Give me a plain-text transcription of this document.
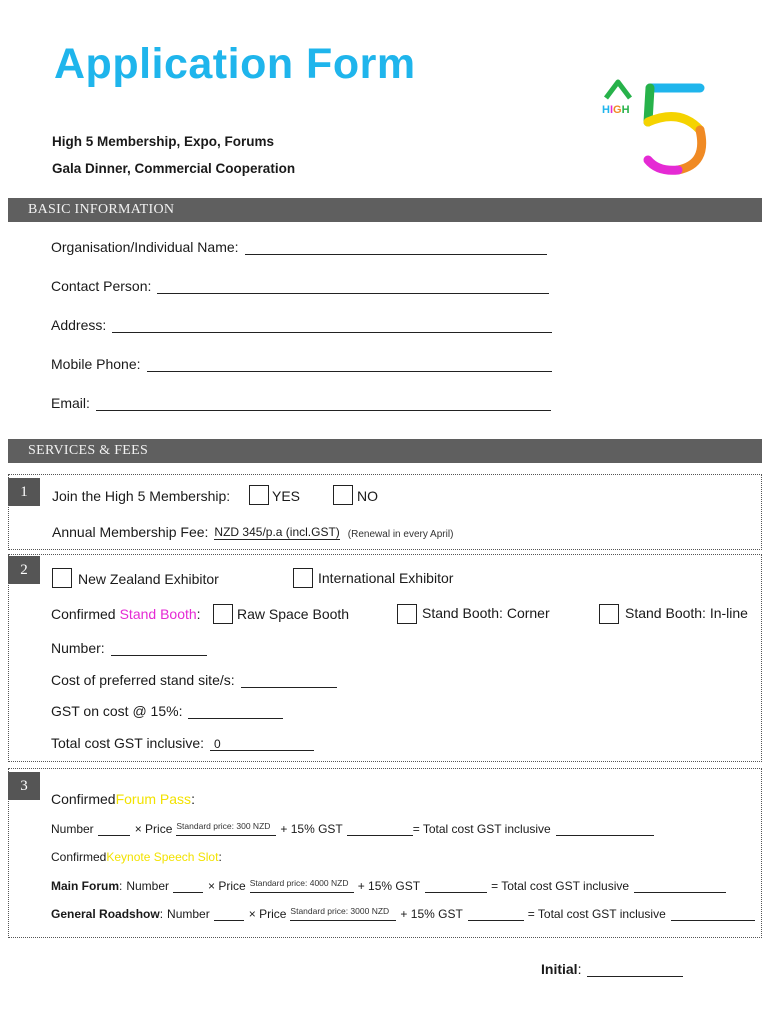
Application Form
High 5 Membership, Expo, Forums
Gala Dinner, Commercial Cooperation
HIGH
BASIC INFORMATION
Organisation/Individual Name:
Contact Person:
Address:
Mobile Phone:
Email:
SERVICES & FEES
1	Join the High 5 Membership:	YES	NO
Annual Membership Fee: NZD 345/p.a (incl.GST) (Renewal in every April)
2
New Zealand Exhibitor	International Exhibitor
Confirmed Stand Booth :	Raw Space Booth	Stand Booth: Corner	Stand Booth: In-line
Number:
Cost of preferred stand site/s:
GST on cost @ 15%:
Total cost GST inclusive: 0
3
Confirmed Forum Pass :
Number	× Price Standard price: 300 NZD + 15% GST	= Total cost GST inclusive
Confirmed Keynote Speech Slot :
Main Forum : Number	× Price Standard price: 4000 NZD + 15% GST	= Total cost GST inclusive
General Roadshow : Number	× Price Standard price: 3000 NZD + 15% GST	= Total cost GST inclusive
Initial :
